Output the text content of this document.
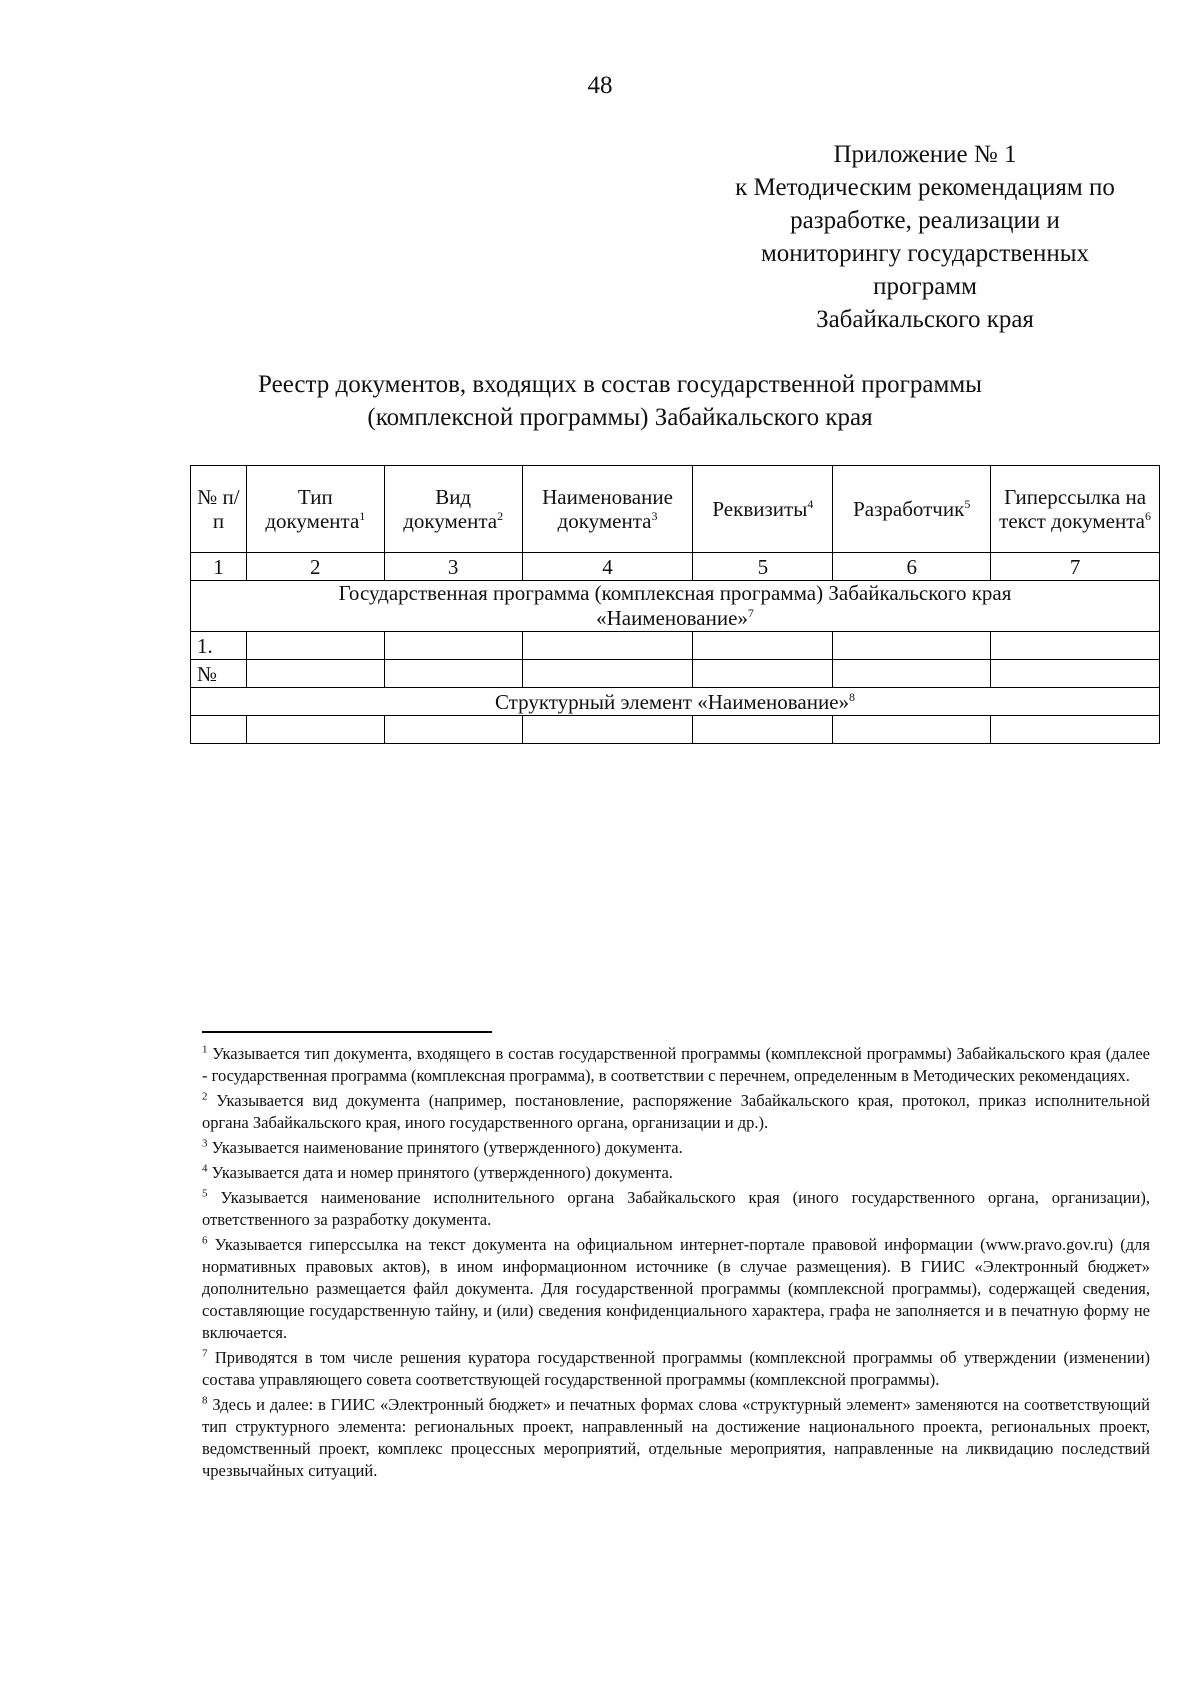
48
Приложение № 1
к Методическим рекомендациям по
разработке, реализации и
мониторингу государственных
программ
Забайкальского края
Реестр документов, входящих в состав государственной программы
(комплексной программы) Забайкальского края
№ п/п	Тип документа$^1$	Вид документа$^2$	Наименование документа$^3$	Реквизиты$^4$	Разработчик$^5$	Гиперссылка на текст документа$^6$
1	2	3	4	5	6	7

Государственная программа (комплексная программа) Забайкальского края
«Наименование»$^7$

1.						
№						
Структурный элемент «Наименование»$^8$

$^1$ Указывается тип документа, входящего в состав государственной программы (комплексной программы) Забайкальского края (далее - государственная программа (комплексная программа), в соответствии с перечнем, определенным в Методических рекомендациях.

$^2$ Указывается вид документа (например, постановление, распоряжение Забайкальского края, протокол, приказ исполнительной органа Забайкальского края, иного государственного органа, организации и др.).

$^3$ Указывается наименование принятого (утвержденного) документа.

$^4$ Указывается дата и номер принятого (утвержденного) документа.

$^5$ Указывается наименование исполнительного органа Забайкальского края (иного государственного органа, организации), ответственного за разработку документа.

$^6$ Указывается гиперссылка на текст документа на официальном интернет-портале правовой информации (www.pravo.gov.ru) (для нормативных правовых актов), в ином информационном источнике (в случае размещения). В ГИИС «Электронный бюджет» дополнительно размещается файл документа. Для государственной программы (комплексной программы), содержащей сведения, составляющие государственную тайну, и (или) сведения конфиденциального характера, графа не заполняется и в печатную форму не включается.

$^7$ Приводятся в том числе решения куратора государственной программы (комплексной программы об утверждении (изменении) состава управляющего совета соответствующей государственной программы (комплексной программы).

$^8$ Здесь и далее: в ГИИС «Электронный бюджет» и печатных формах слова «структурный элемент» заменяются на соответствующий тип структурного элемента: региональных проект, направленный на достижение национального проекта, региональных проект, ведомственный проект, комплекс процессных мероприятий, отдельные мероприятия, направленные на ликвидацию последствий чрезвычайных ситуаций.
